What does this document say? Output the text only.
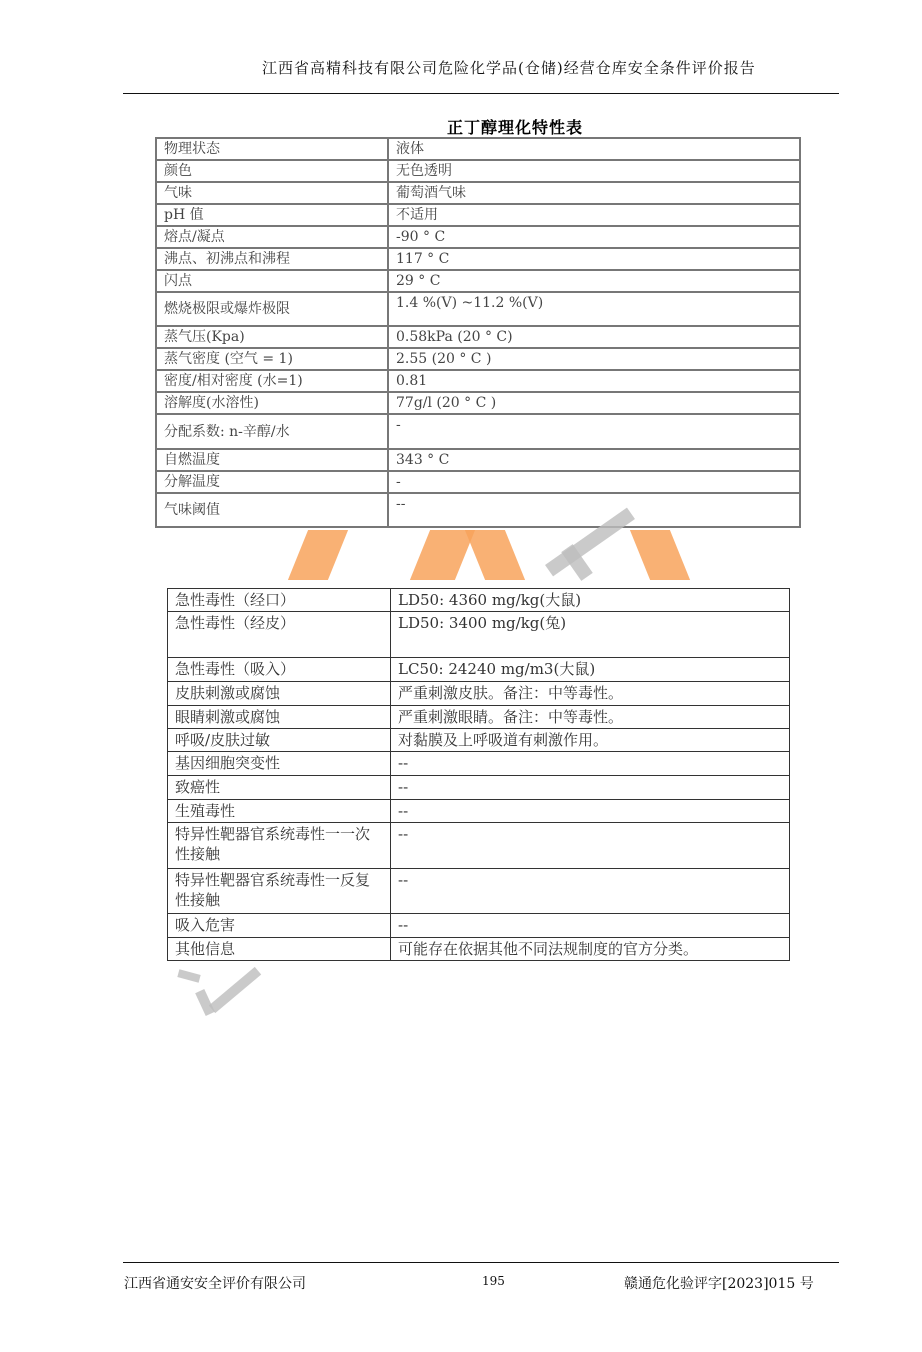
江西省高精科技有限公司危险化学品(仓储)经营仓库安全条件评价报告
正丁醇理化特性表
物理状态	液体
颜色	无色透明
气味	葡萄酒气味
pH 值	不适用
熔点/凝点	-90 ° C
沸点、初沸点和沸程	117 ° C
闪点	29 ° C
燃烧极限或爆炸极限	1.4 %(V) ~11.2 %(V)
蒸气压(Kpa)	0.58kPa (20 ° C)
蒸气密度 (空气 = 1)	2.55 (20 ° C )
密度/相对密度 (水=1)	0.81
溶解度(水溶性)	77g/l (20 ° C )
分配系数: n-辛醇/水	-
自燃温度	343 ° C
分解温度	-
气味阈值	--
急性毒性（经口）	LD50: 4360 mg/kg(大鼠)
急性毒性（经皮）	LD50: 3400 mg/kg(兔)
急性毒性（吸入）	LC50: 24240 mg/m3(大鼠)
皮肤刺激或腐蚀	严重刺激皮肤。备注：中等毒性。
眼睛刺激或腐蚀	严重刺激眼睛。备注：中等毒性。
呼吸/皮肤过敏	对黏膜及上呼吸道有刺激作用。
基因细胞突变性	--
致癌性	--
生殖毒性	--
特异性靶器官系统毒性一一次性接触	--
特异性靶器官系统毒性一反复性接触	--
吸入危害	--
其他信息	可能存在依据其他不同法规制度的官方分类。
江西省通安安全评价有限公司	195	赣通危化验评字[2023]015 号
